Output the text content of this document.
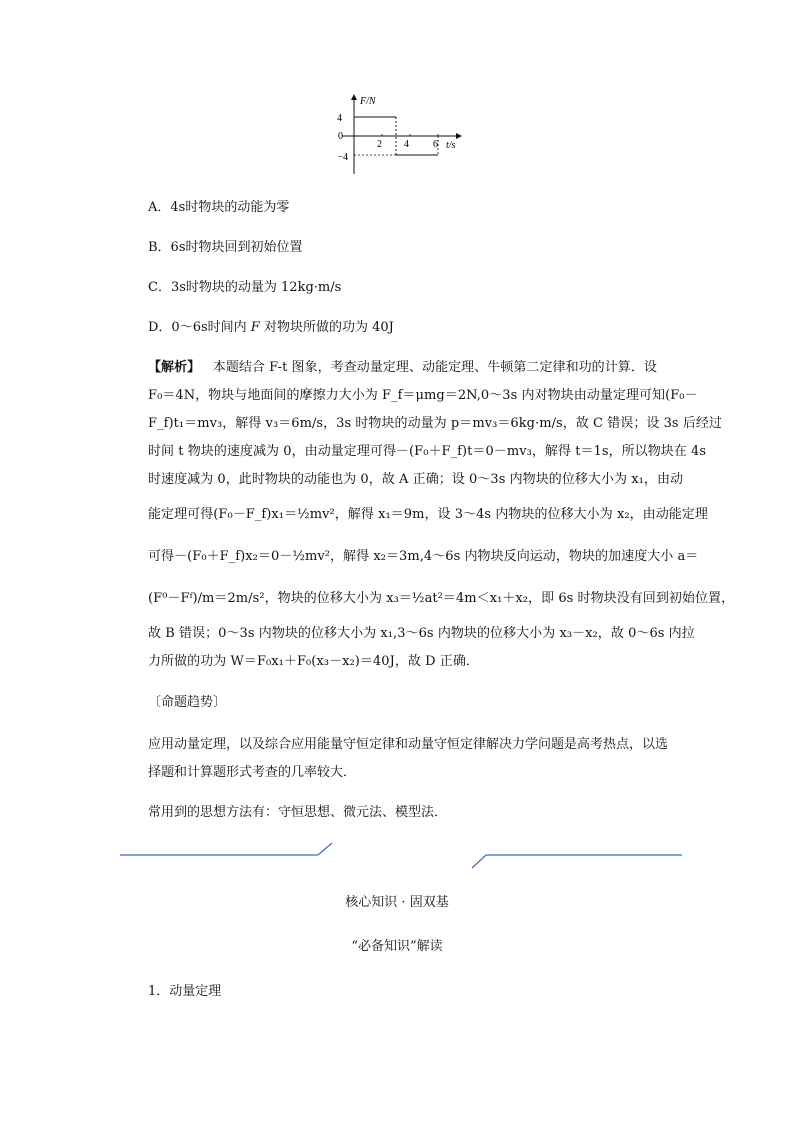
F/N
t/s
4
0
−4
2 4 6
A．4s时物块的动能为零
B．6s时物块回到初始位置
C．3s时物块的动量为 12kg·m/s
D．0～6s时间内 F 对物块所做的功为 40J
【解析】 本题结合 F-t 图象，考查动量定理、动能定理、牛顿第二定律和功的计算．设
F₀＝4N，物块与地面间的摩擦力大小为 F_f＝μmg＝2N,0～3s 内对物块由动量定理可知(F₀－
F_f)t₁＝mv₃，解得 v₃＝6m/s，3s 时物块的动量为 p＝mv₃＝6kg·m/s，故 C 错误；设 3s 后经过
时间 t 物块的速度减为 0，由动量定理可得－(F₀＋F_f)t＝0－mv₃，解得 t＝1s，所以物块在 4s
时速度减为 0，此时物块的动能也为 0，故 A 正确；设 0～3s 内物块的位移大小为 x₁，由动
能定理可得(F₀－F_f)x₁＝½mv²，解得 x₁＝9m，设 3～4s 内物块的位移大小为 x₂，由动能定理
可得－(F₀＋F_f)x₂＝0－½mv²，解得 x₂＝3m,4～6s 内物块反向运动，物块的加速度大小 a＝
(F⁰－Fᶠ)/m＝2m/s²，物块的位移大小为 x₃＝½at²＝4m＜x₁＋x₂，即 6s 时物块没有回到初始位置，
故 B 错误；0～3s 内物块的位移大小为 x₁,3～6s 内物块的位移大小为 x₃－x₂，故 0～6s 内拉
力所做的功为 W＝F₀x₁＋F₀(x₃－x₂)＝40J，故 D 正确．
〔命题趋势〕
应用动量定理，以及综合应用能量守恒定律和动量守恒定律解决力学问题是高考热点，以选择题和计算题形式考查的几率较大．
常用到的思想方法有：守恒思想、微元法、模型法．
核心知识 · 固双基
“必备知识”解读
1．动量定理
